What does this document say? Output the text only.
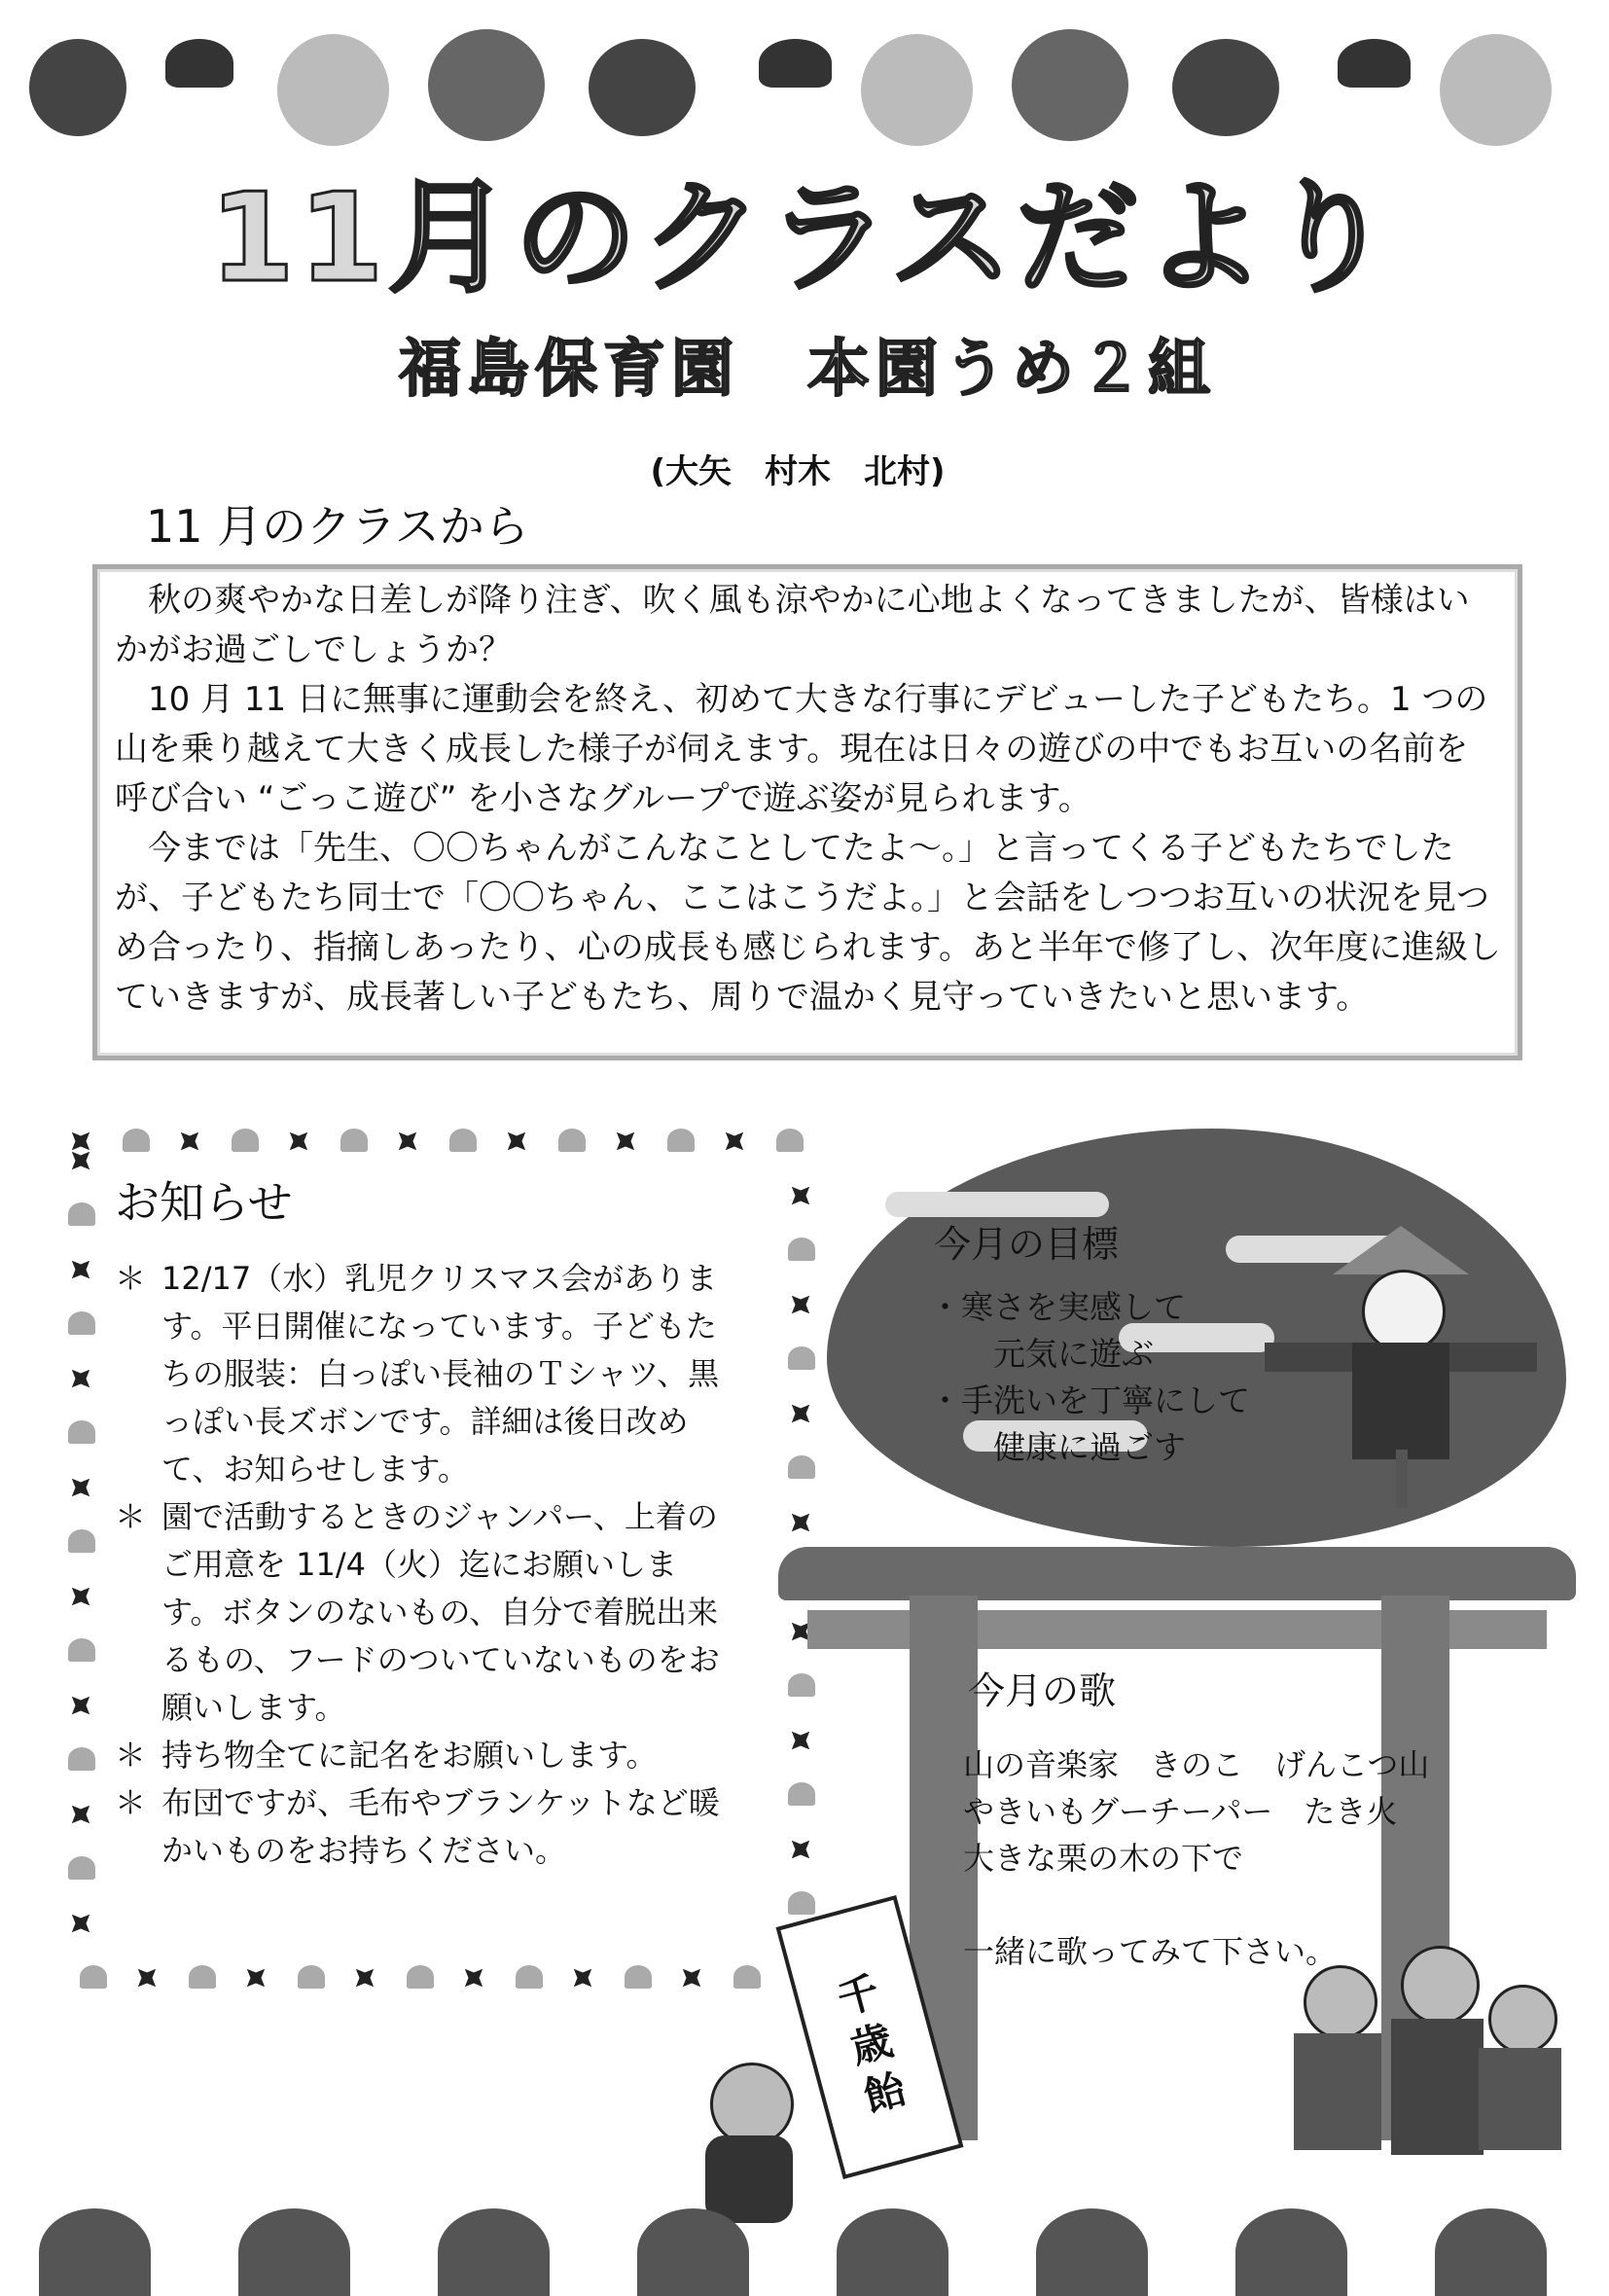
11月のクラスだより
福島保育園　本園うめ２組
(大矢　村木　北村)
11 月のクラスから

秋の爽やかな日差しが降り注ぎ、吹く風も涼やかに心地よくなってきましたが、皆様はいかがお過ごしでしょうか？

10 月 11 日に無事に運動会を終え、初めて大きな行事にデビューした子どもたち。1 つの山を乗り越えて大きく成長した様子が伺えます。現在は日々の遊びの中でもお互いの名前を呼び合い “ごっこ遊び” を小さなグループで遊ぶ姿が見られます。

今までは「先生、〇〇ちゃんがこんなことしてたよ～。」と言ってくる子どもたちでしたが、子どもたち同士で「〇〇ちゃん、ここはこうだよ。」と会話をしつつお互いの状況を見つめ合ったり、指摘しあったり、心の成長も感じられます。あと半年で修了し、次年度に進級していきますが、成長著しい子どもたち、周りで温かく見守っていきたいと思います。

お知らせ

＊ 12/17（水）乳児クリスマス会があります。平日開催になっています。子どもたちの服装：白っぽい長袖のＴシャツ、黒っぽい長ズボンです。詳細は後日改めて、お知らせします。

＊ 園で活動するときのジャンパー、上着のご用意を 11/4（火）迄にお願いします。ボタンのないもの、自分で着脱出来るもの、フードのついていないものをお願いします。

＊ 持ち物全てに記名をお願いします。

＊ 布団ですが、毛布やブランケットなど暖かいものをお持ちください。

今月の目標
・寒さを実感して
　　元気に遊ぶ
・手洗いを丁寧にして
　　健康に過ごす
今月の歌
山の音楽家　きのこ　げんこつ山
やきいもグーチーパー　たき火
大きな栗の木の下で
一緒に歌ってみて下さい。
千歳飴
